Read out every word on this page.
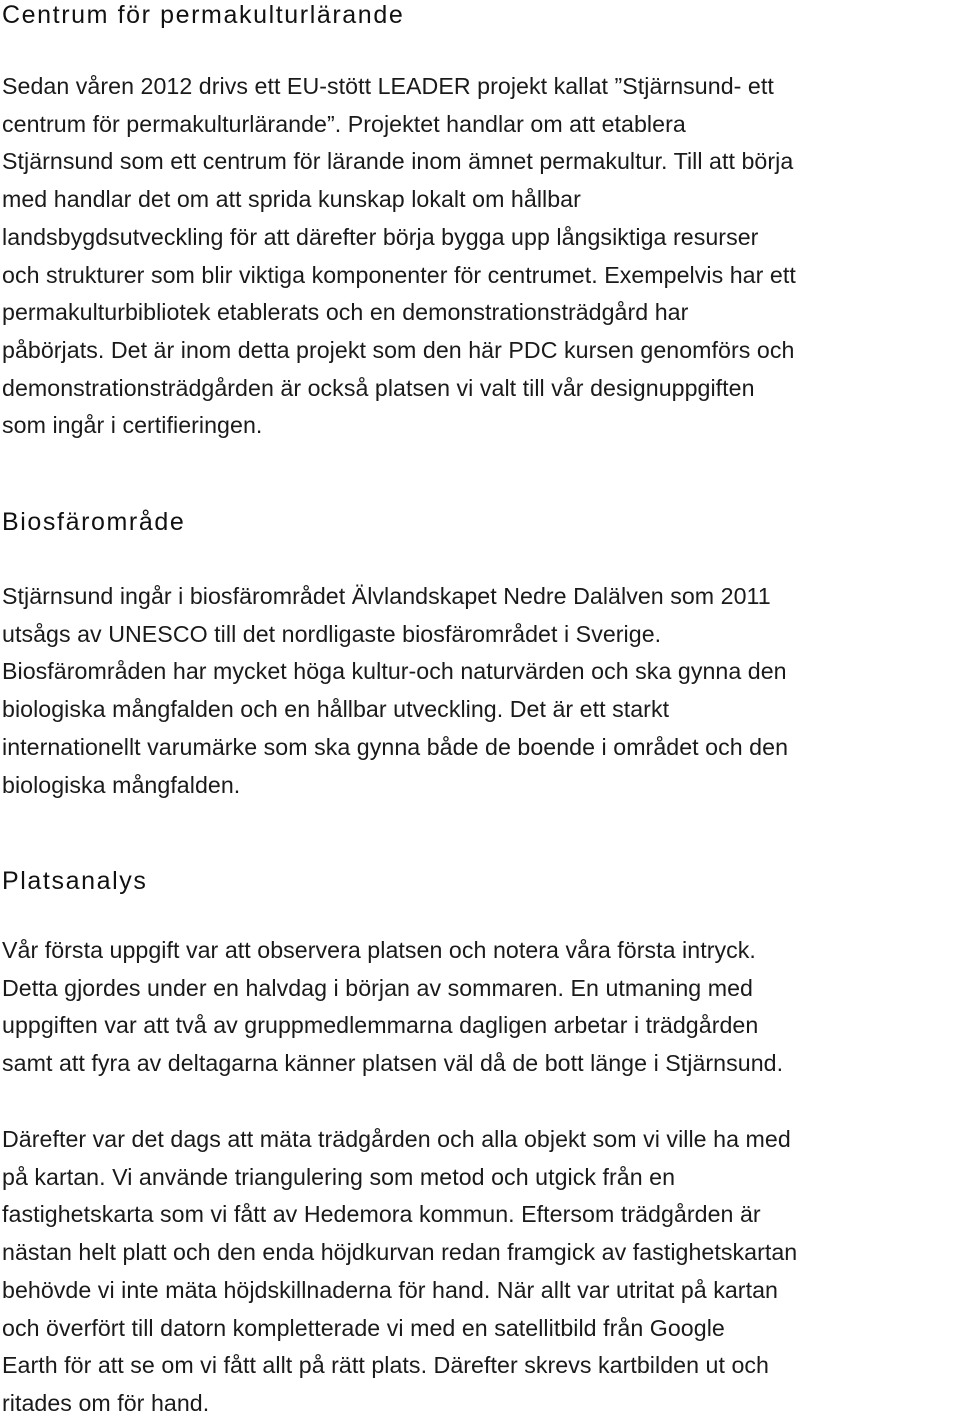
Centrum för permakulturlärande

Sedan våren 2012 drivs ett EU-stött LEADER projekt kallat ”Stjärnsund- ett
centrum för permakulturlärande”. Projektet handlar om att etablera
Stjärnsund som ett centrum för lärande inom ämnet permakultur. Till att börja
med handlar det om att sprida kunskap lokalt om hållbar
landsbygdsutveckling för att därefter börja bygga upp långsiktiga resurser
och strukturer som blir viktiga komponenter för centrumet. Exempelvis har ett
permakulturbibliotek etablerats och en demonstrationsträdgård har
påbörjats. Det är inom detta projekt som den här PDC kursen genomförs och
demonstrationsträdgården är också platsen vi valt till vår designuppgiften
som ingår i certifieringen.

Biosfärområde

Stjärnsund ingår i biosfärområdet Älvlandskapet Nedre Dalälven som 2011
utsågs av UNESCO till det nordligaste biosfärområdet i Sverige.
Biosfärområden har mycket höga kultur-och naturvärden och ska gynna den
biologiska mångfalden och en hållbar utveckling. Det är ett starkt
internationellt varumärke som ska gynna både de boende i området och den
biologiska mångfalden.

Platsanalys

Vår första uppgift var att observera platsen och notera våra första intryck.
Detta gjordes under en halvdag i början av sommaren. En utmaning med
uppgiften var att två av gruppmedlemmarna dagligen arbetar i trädgården
samt att fyra av deltagarna känner platsen väl då de bott länge i Stjärnsund.

Därefter var det dags att mäta trädgården och alla objekt som vi ville ha med
på kartan. Vi använde triangulering som metod och utgick från en
fastighetskarta som vi fått av Hedemora kommun. Eftersom trädgården är
nästan helt platt och den enda höjdkurvan redan framgick av fastighetskartan
behövde vi inte mäta höjdskillnaderna för hand. När allt var utritat på kartan
och överfört till datorn kompletterade vi med en satellitbild från Google
Earth för att se om vi fått allt på rätt plats. Därefter skrevs kartbilden ut och
ritades om för hand.
